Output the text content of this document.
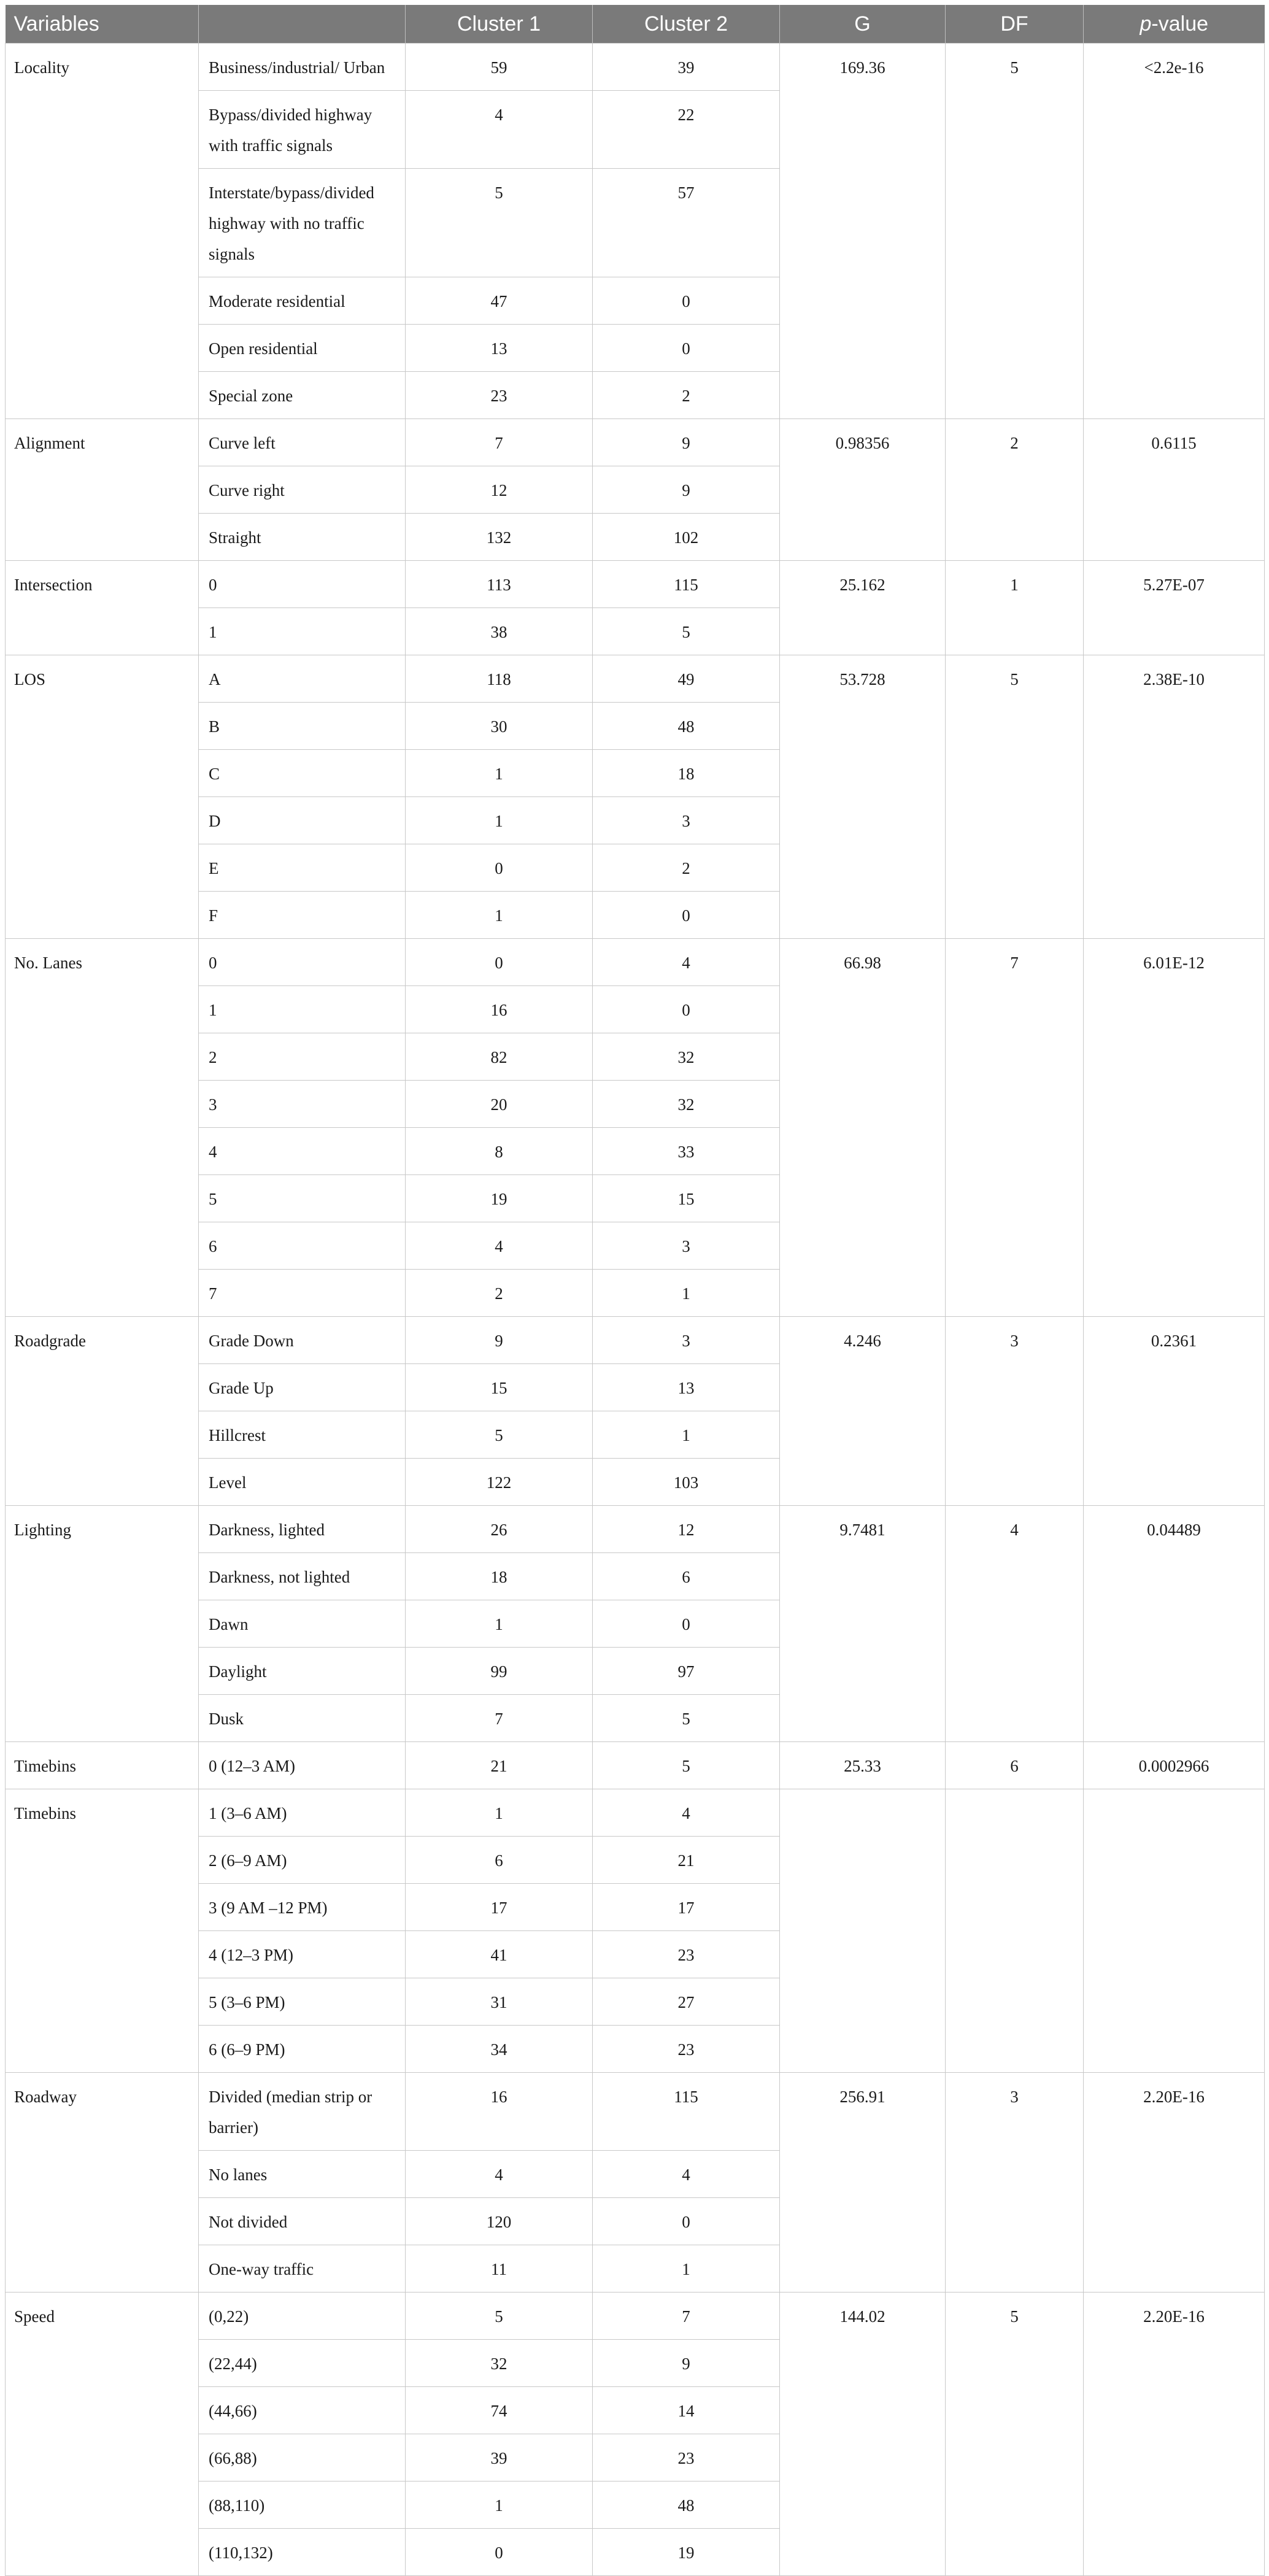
Variables		Cluster 1	Cluster 2	G	DF	p-value
Locality	Business/industrial/ Urban	59	39	169.36	5	<2.2e-16
	Bypass/divided highway with traffic signals	4	22			
	Interstate/bypass/divided highway with no traffic signals	5	57			
	Moderate residential	47	0			
	Open residential	13	0			
	Special zone	23	2			
Alignment	Curve left	7	9	0.98356	2	0.6115
	Curve right	12	9			
	Straight	132	102			
Intersection	0	113	115	25.162	1	5.27E-07
	1	38	5			
LOS	A	118	49	53.728	5	2.38E-10
	B	30	48			
	C	1	18			
	D	1	3			
	E	0	2			
	F	1	0			
No. Lanes	0	0	4	66.98	7	6.01E-12
	1	16	0			
	2	82	32			
	3	20	32			
	4	8	33			
	5	19	15			
	6	4	3			
	7	2	1			
Roadgrade	Grade Down	9	3	4.246	3	0.2361
	Grade Up	15	13			
	Hillcrest	5	1			
	Level	122	103			
Lighting	Darkness, lighted	26	12	9.7481	4	0.04489
	Darkness, not lighted	18	6			
	Dawn	1	0			
	Daylight	99	97			
	Dusk	7	5			
Timebins	0 (12–3 AM)	21	5	25.33	6	0.0002966
Timebins	1 (3–6 AM)	1	4			
	2 (6–9 AM)	6	21			
	3 (9 AM –12 PM)	17	17			
	4 (12–3 PM)	41	23			
	5 (3–6 PM)	31	27			
	6 (6–9 PM)	34	23			
Roadway	Divided (median strip or barrier)	16	115	256.91	3	2.20E-16
	No lanes	4	4			
	Not divided	120	0			
	One-way traffic	11	1			
Speed	(0,22)	5	7	144.02	5	2.20E-16
	(22,44)	32	9			
	(44,66)	74	14			
	(66,88)	39	23			
	(88,110)	1	48			
	(110,132)	0	19			
